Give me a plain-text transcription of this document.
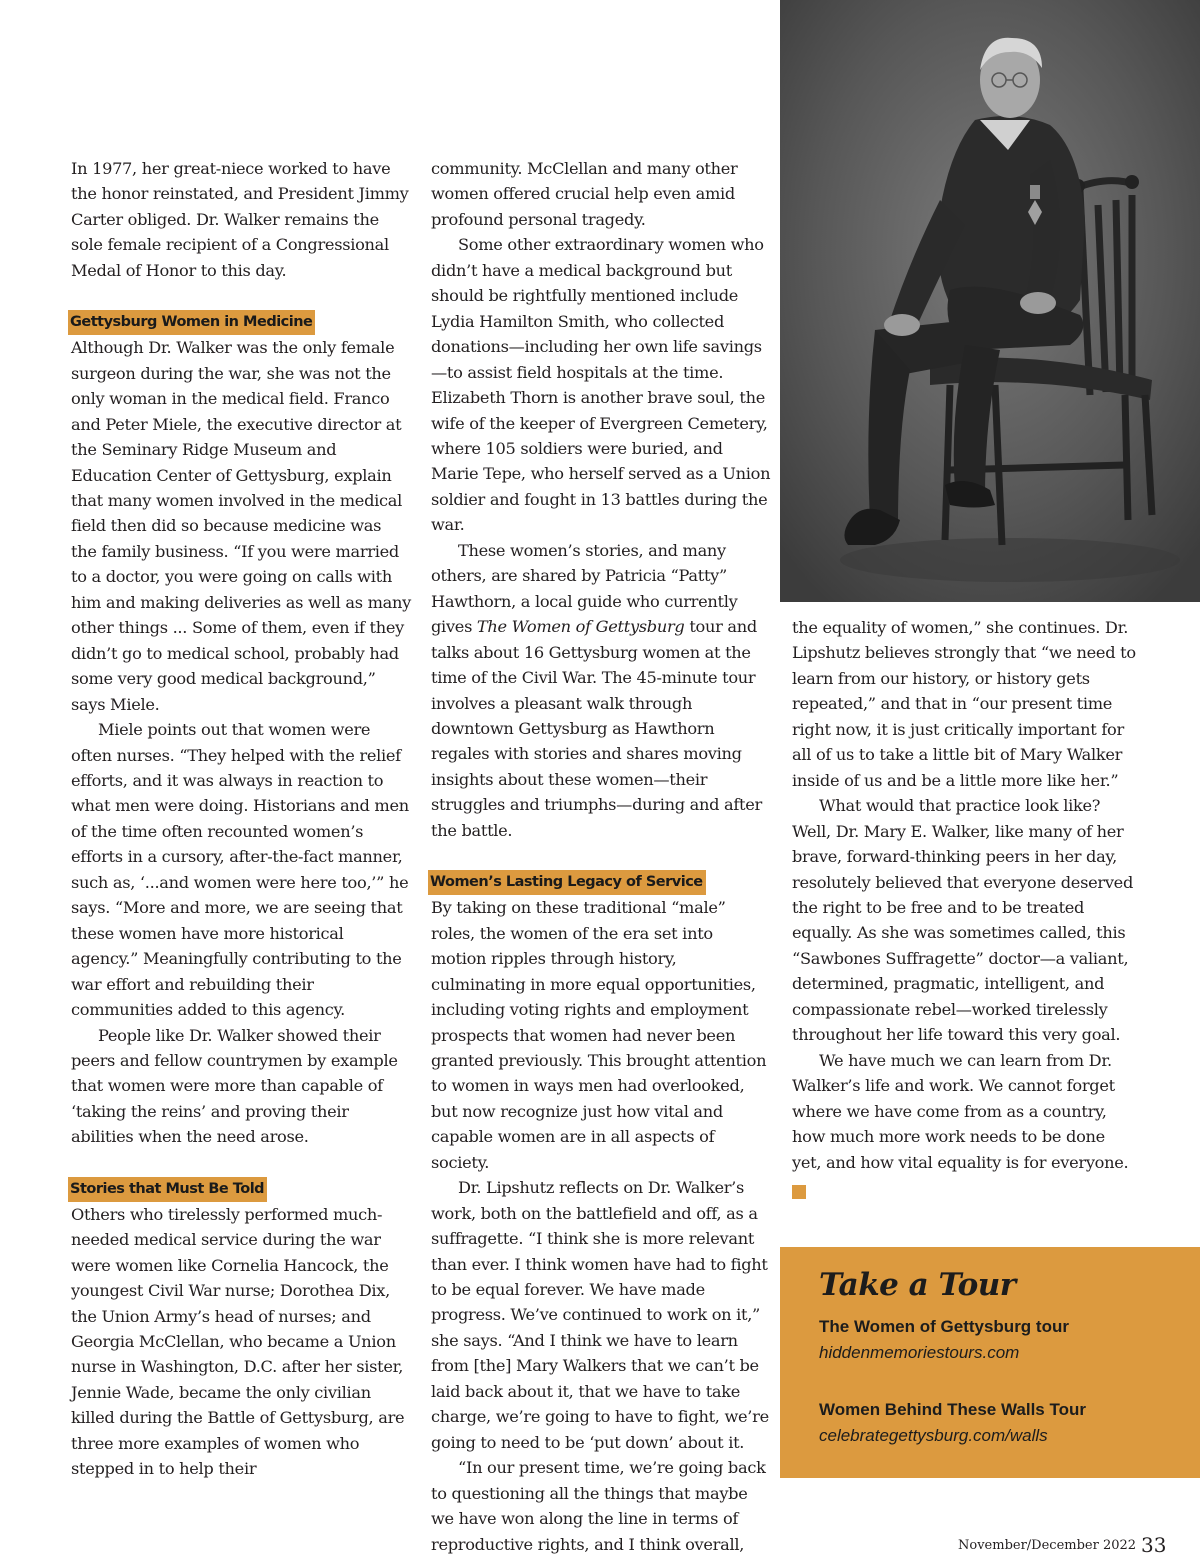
In 1977, her great-niece worked to have the honor reinstated, and President Jimmy Carter obliged. Dr. Walker remains the sole female recipient of a Congressional Medal of Honor to this day.

Gettysburg Women in Medicine

Although Dr. Walker was the only female surgeon during the war, she was not the only woman in the medical field. Franco and Peter Miele, the executive director at the Seminary Ridge Museum and Education Center of Gettysburg, explain that many women involved in the medical field then did so because medicine was the family business. “If you were married to a doctor, you were going on calls with him and making deliveries as well as many other things ... Some of them, even if they didn’t go to medical school, probably had some very good medical background,” says Miele.

Miele points out that women were often nurses. “They helped with the relief efforts, and it was always in reaction to what men were doing. Historians and men of the time often recounted women’s efforts in a cursory, after-the-fact manner, such as, ‘...and women were here too,’” he says. “More and more, we are seeing that these women have more historical agency.” Meaningfully contributing to the war effort and rebuilding their communities added to this agency.

People like Dr. Walker showed their peers and fellow countrymen by example that women were more than capable of ‘taking the reins’ and proving their abilities when the need arose.

Stories that Must Be Told

Others who tirelessly performed much-needed medical service during the war were women like Cornelia Hancock, the youngest Civil War nurse; Dorothea Dix, the Union Army’s head of nurses; and Georgia McClellan, who became a Union nurse in Washington, D.C. after her sister, Jennie Wade, became the only civilian killed during the Battle of Gettysburg, are three more examples of women who stepped in to help their

community. McClellan and many other women offered crucial help even amid profound personal tragedy.

Some other extraordinary women who didn’t have a medical background but should be rightfully mentioned include Lydia Hamilton Smith, who collected donations—including her own life savings—to assist field hospitals at the time. Elizabeth Thorn is another brave soul, the wife of the keeper of Evergreen Cemetery, where 105 soldiers were buried, and Marie Tepe, who herself served as a Union soldier and fought in 13 battles during the war.

These women’s stories, and many others, are shared by Patricia “Patty” Hawthorn, a local guide who currently gives The Women of Gettysburg tour and talks about 16 Gettysburg women at the time of the Civil War. The 45-minute tour involves a pleasant walk through downtown Gettysburg as Hawthorn regales with stories and shares moving insights about these women—their struggles and triumphs—during and after the battle.

Women’s Lasting Legacy of Service

By taking on these traditional “male” roles, the women of the era set into motion ripples through history, culminating in more equal opportunities, including voting rights and employment prospects that women had never been granted previously. This brought attention to women in ways men had overlooked, but now recognize just how vital and capable women are in all aspects of society.

Dr. Lipshutz reflects on Dr. Walker’s work, both on the battlefield and off, as a suffragette. “I think she is more relevant than ever. I think women have had to fight to be equal forever. We have made progress. We’ve continued to work on it,” she says. “And I think we have to learn from [the] Mary Walkers that we can’t be laid back about it, that we have to take charge, we’re going to have to fight, we’re going to need to be ‘put down’ about it.

“In our present time, we’re going back to questioning all the things that maybe we have won along the line in terms of reproductive rights, and I think overall,

the equality of women,” she continues. Dr. Lipshutz believes strongly that “we need to learn from our history, or history gets repeated,” and that in “our present time right now, it is just critically important for all of us to take a little bit of Mary Walker inside of us and be a little more like her.”

What would that practice look like? Well, Dr. Mary E. Walker, like many of her brave, forward-thinking peers in her day, resolutely believed that everyone deserved the right to be free and to be treated equally. As she was sometimes called, this “Sawbones Suffragette” doctor—a valiant, determined, pragmatic, intelligent, and compassionate rebel—worked tirelessly throughout her life toward this very goal.

We have much we can learn from Dr. Walker’s life and work. We cannot forget where we have come from as a country, how much more work needs to be done yet, and how vital equality is for everyone. G

Take a Tour
The Women of Gettysburg tour
hiddenmemoriestours.com
Women Behind These Walls Tour
celebrategettysburg.com/walls
November/December 2022 33
